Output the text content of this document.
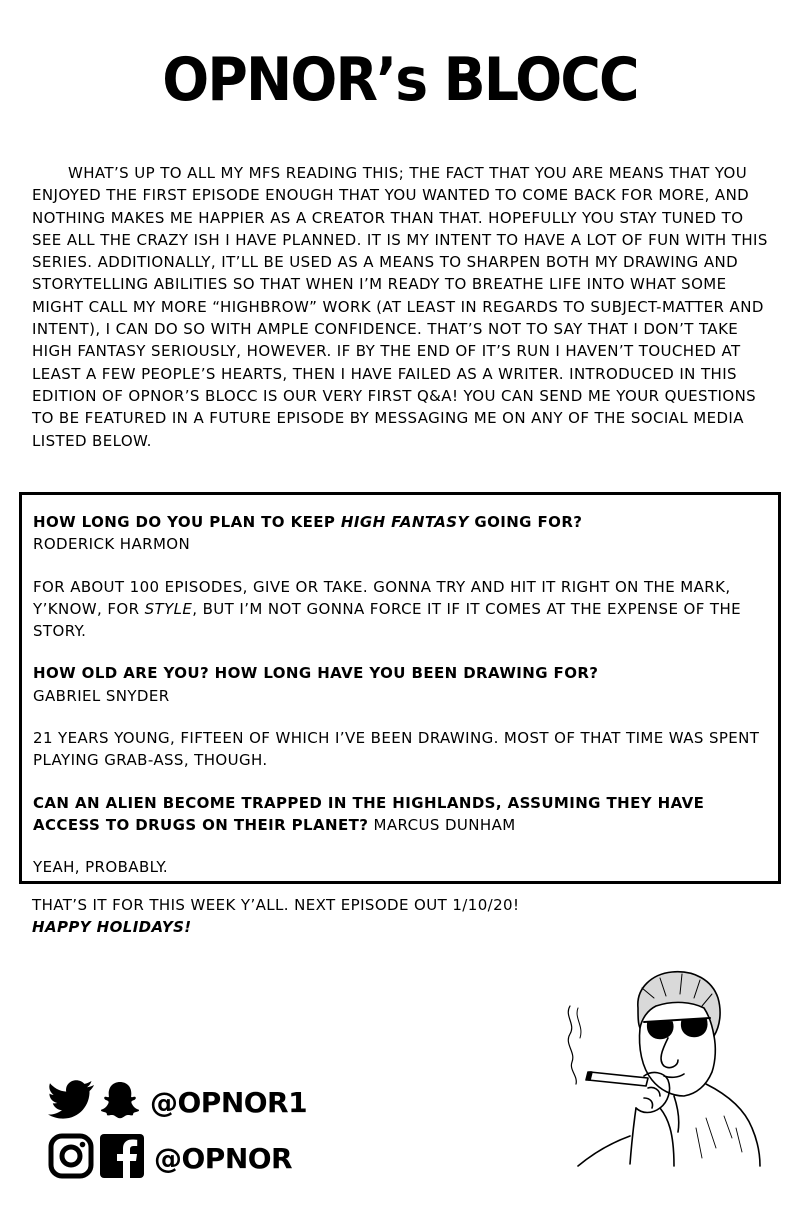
OPNOR’s BLOCC

WHAT’S UP TO ALL MY MFS READING THIS; THE FACT THAT YOU ARE MEANS THAT YOU ENJOYED THE FIRST EPISODE ENOUGH THAT YOU WANTED TO COME BACK FOR MORE, AND NOTHING MAKES ME HAPPIER AS A CREATOR THAN THAT. HOPEFULLY YOU STAY TUNED TO SEE ALL THE CRAZY ISH I HAVE PLANNED. IT IS MY INTENT TO HAVE A LOT OF FUN WITH THIS SERIES. ADDITIONALLY, IT’LL BE USED AS A MEANS TO SHARPEN BOTH MY DRAWING AND STORYTELLING ABILITIES SO THAT WHEN I’M READY TO BREATHE LIFE INTO WHAT SOME MIGHT CALL MY MORE “HIGHBROW” WORK (AT LEAST IN REGARDS TO SUBJECT-MATTER AND INTENT), I CAN DO SO WITH AMPLE CONFIDENCE. THAT’S NOT TO SAY THAT I DON’T TAKE HIGH FANTASY SERIOUSLY, HOWEVER. IF BY THE END OF IT’S RUN I HAVEN’T TOUCHED AT LEAST A FEW PEOPLE’S HEARTS, THEN I HAVE FAILED AS A WRITER. INTRODUCED IN THIS EDITION OF OPNOR’S BLOCC IS OUR VERY FIRST Q&A! YOU CAN SEND ME YOUR QUESTIONS TO BE FEATURED IN A FUTURE EPISODE BY MESSAGING ME ON ANY OF THE SOCIAL MEDIA LISTED BELOW.

HOW LONG DO YOU PLAN TO KEEP HIGH FANTASY GOING FOR?
RODERICK HARMON
FOR ABOUT 100 EPISODES, GIVE OR TAKE. GONNA TRY AND HIT IT RIGHT ON THE MARK, Y’KNOW, FOR STYLE, BUT I’M NOT GONNA FORCE IT IF IT COMES AT THE EXPENSE OF THE STORY.
HOW OLD ARE YOU? HOW LONG HAVE YOU BEEN DRAWING FOR?
GABRIEL SNYDER
21 YEARS YOUNG, FIFTEEN OF WHICH I’VE BEEN DRAWING. MOST OF THAT TIME WAS SPENT PLAYING GRAB-ASS, THOUGH.
CAN AN ALIEN BECOME TRAPPED IN THE HIGHLANDS, ASSUMING THEY HAVE ACCESS TO DRUGS ON THEIR PLANET? MARCUS DUNHAM
YEAH, PROBABLY.
THAT’S IT FOR THIS WEEK Y’ALL. NEXT EPISODE OUT 1/10/20!
HAPPY HOLIDAYS!
@OPNOR1
@OPNOR
